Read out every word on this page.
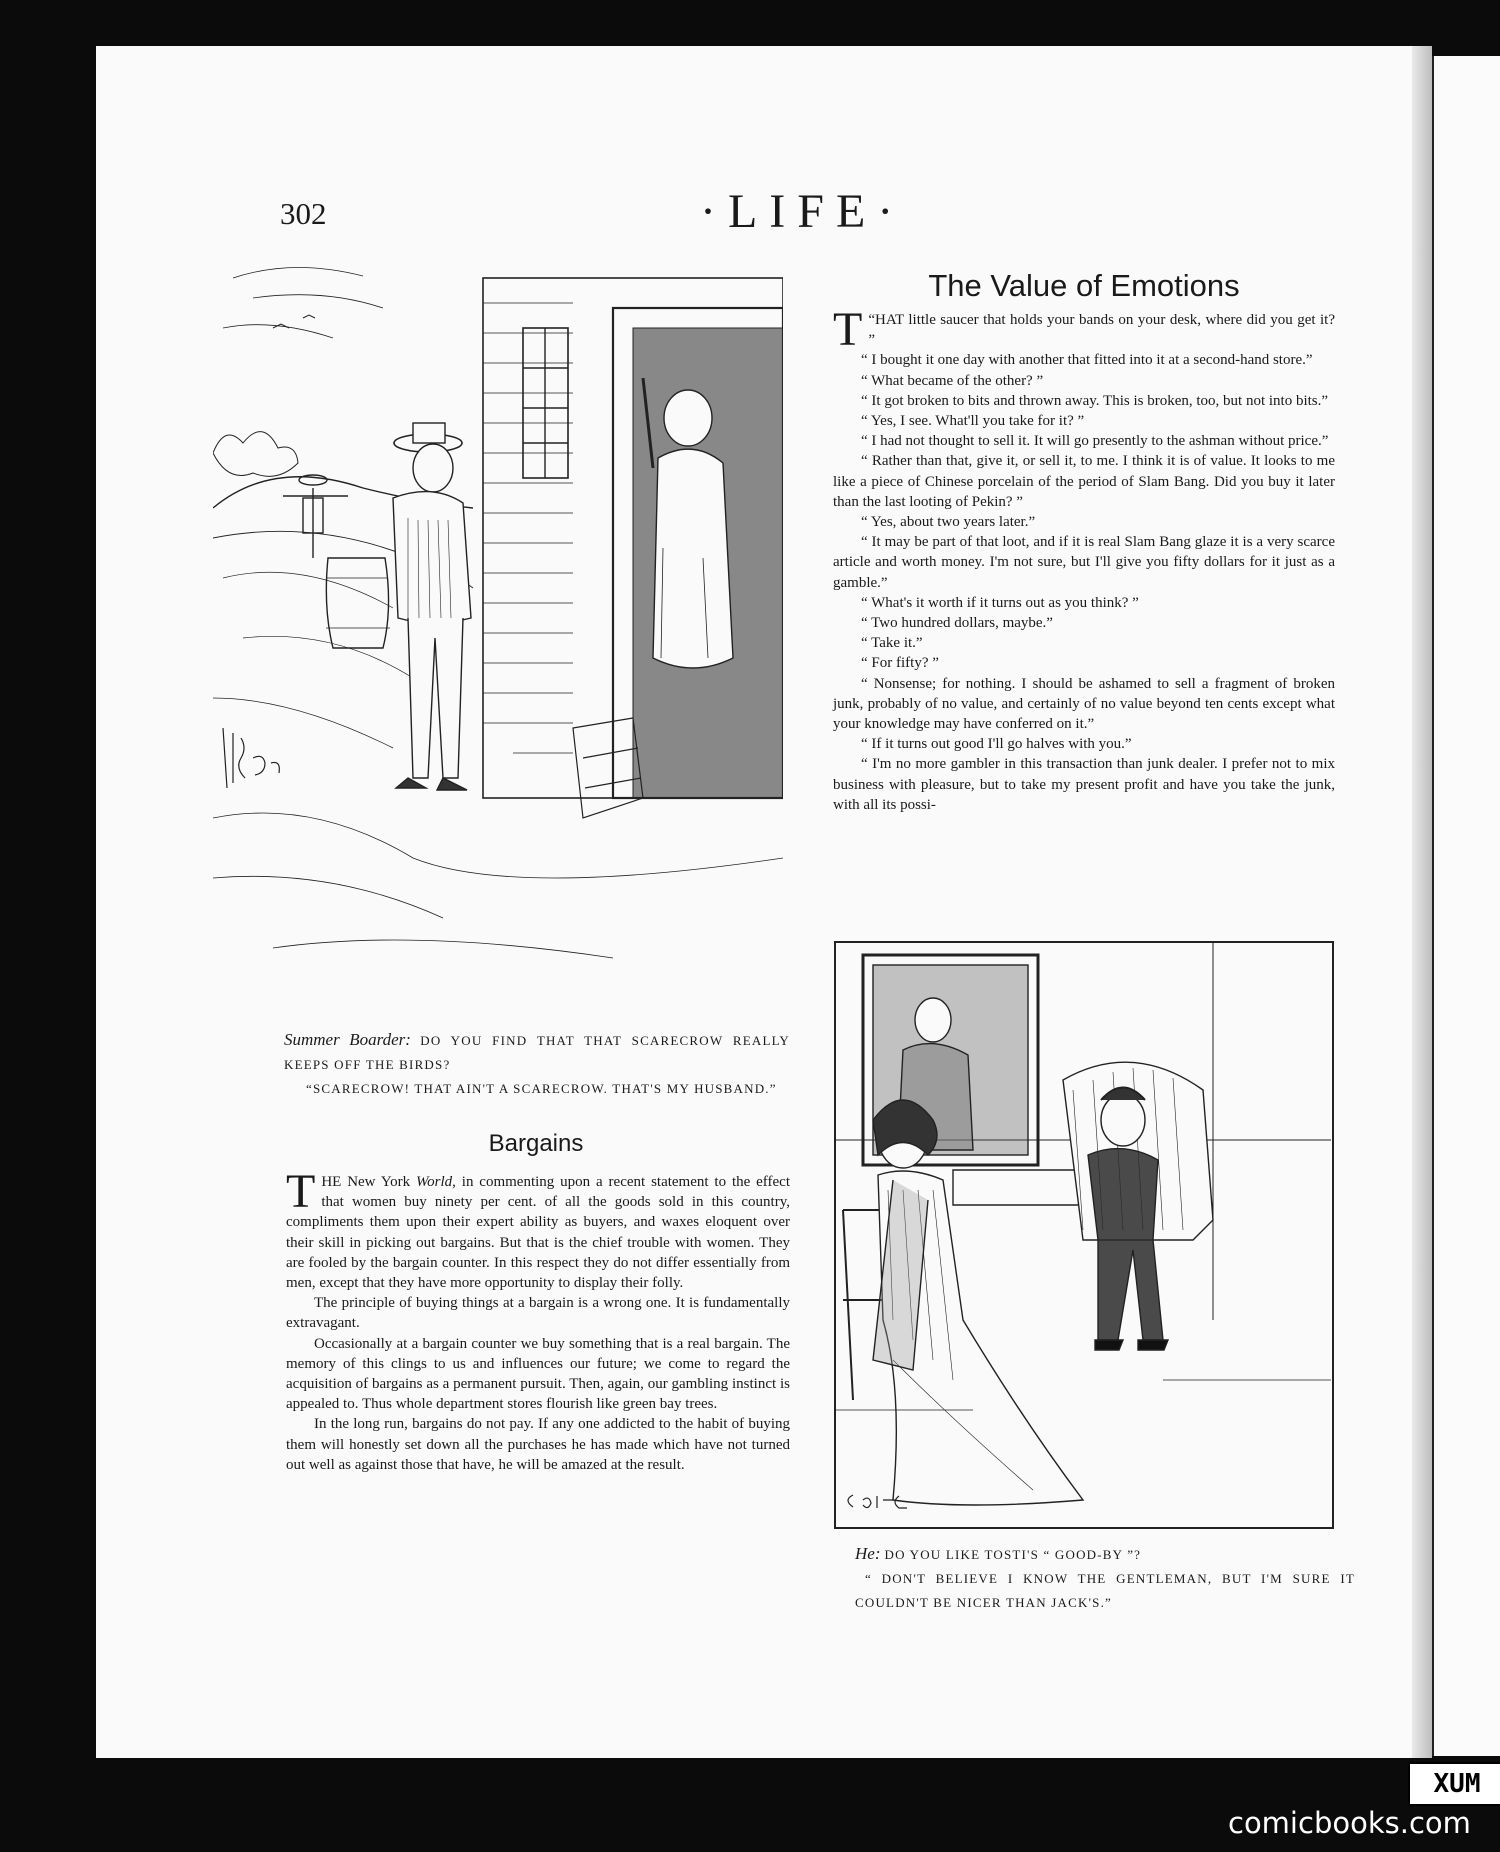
302	·LIFE·
Summer Boarder: DO YOU FIND THAT THAT SCARECROW REALLY KEEPS OFF THE BIRDS?

“SCARECROW! THAT AIN'T A SCARECROW. THAT'S MY HUSBAND.”
Bargains

THE New York World, in commenting upon a recent statement to the effect that women buy ninety per cent. of all the goods sold in this country, compliments them upon their expert ability as buyers, and waxes eloquent over their skill in picking out bargains. But that is the chief trouble with women. They are fooled by the bargain counter. In this respect they do not differ essentially from men, except that they have more opportunity to display their folly.

The principle of buying things at a bargain is a wrong one. It is fundamentally extravagant.

Occasionally at a bargain counter we buy something that is a real bargain. The memory of this clings to us and influences our future; we come to regard the acquisition of bargains as a permanent pursuit. Then, again, our gambling instinct is appealed to. Thus whole department stores flourish like green bay trees.

In the long run, bargains do not pay. If any one addicted to the habit of buying them will honestly set down all the purchases he has made which have not turned out well as against those that have, he will be amazed at the result.

The Value of Emotions

“
T HAT little saucer that holds your bands on your desk, where did you get it? ”

“ I bought it one day with another that fitted into it at a second-hand store.”

“ What became of the other? ”

“ It got broken to bits and thrown away. This is broken, too, but not into bits.”

“ Yes, I see. What'll you take for it? ”

“ I had not thought to sell it. It will go presently to the ashman without price.”

“ Rather than that, give it, or sell it, to me. I think it is of value. It looks to me like a piece of Chinese porcelain of the period of Slam Bang. Did you buy it later than the last looting of Pekin? ”

“ Yes, about two years later.”

“ It may be part of that loot, and if it is real Slam Bang glaze it is a very scarce article and worth money. I'm not sure, but I'll give you fifty dollars for it just as a gamble.”

“ What's it worth if it turns out as you think? ”

“ Two hundred dollars, maybe.”

“ Take it.”

“ For fifty? ”

“ Nonsense; for nothing. I should be ashamed to sell a fragment of broken junk, probably of no value, and certainly of no value beyond ten cents except what your knowledge may have conferred on it.”

“ If it turns out good I'll go halves with you.”

“ I'm no more gambler in this transaction than junk dealer. I prefer not to mix business with pleasure, but to take my present profit and have you take the junk, with all its possi-

He: DO YOU LIKE TOSTI'S “ GOOD-BY ”?

“ DON'T BELIEVE I KNOW THE GENTLEMAN, BUT I'M SURE IT COULDN'T BE NICER THAN JACK'S.”
XUM
comicbooks.com
